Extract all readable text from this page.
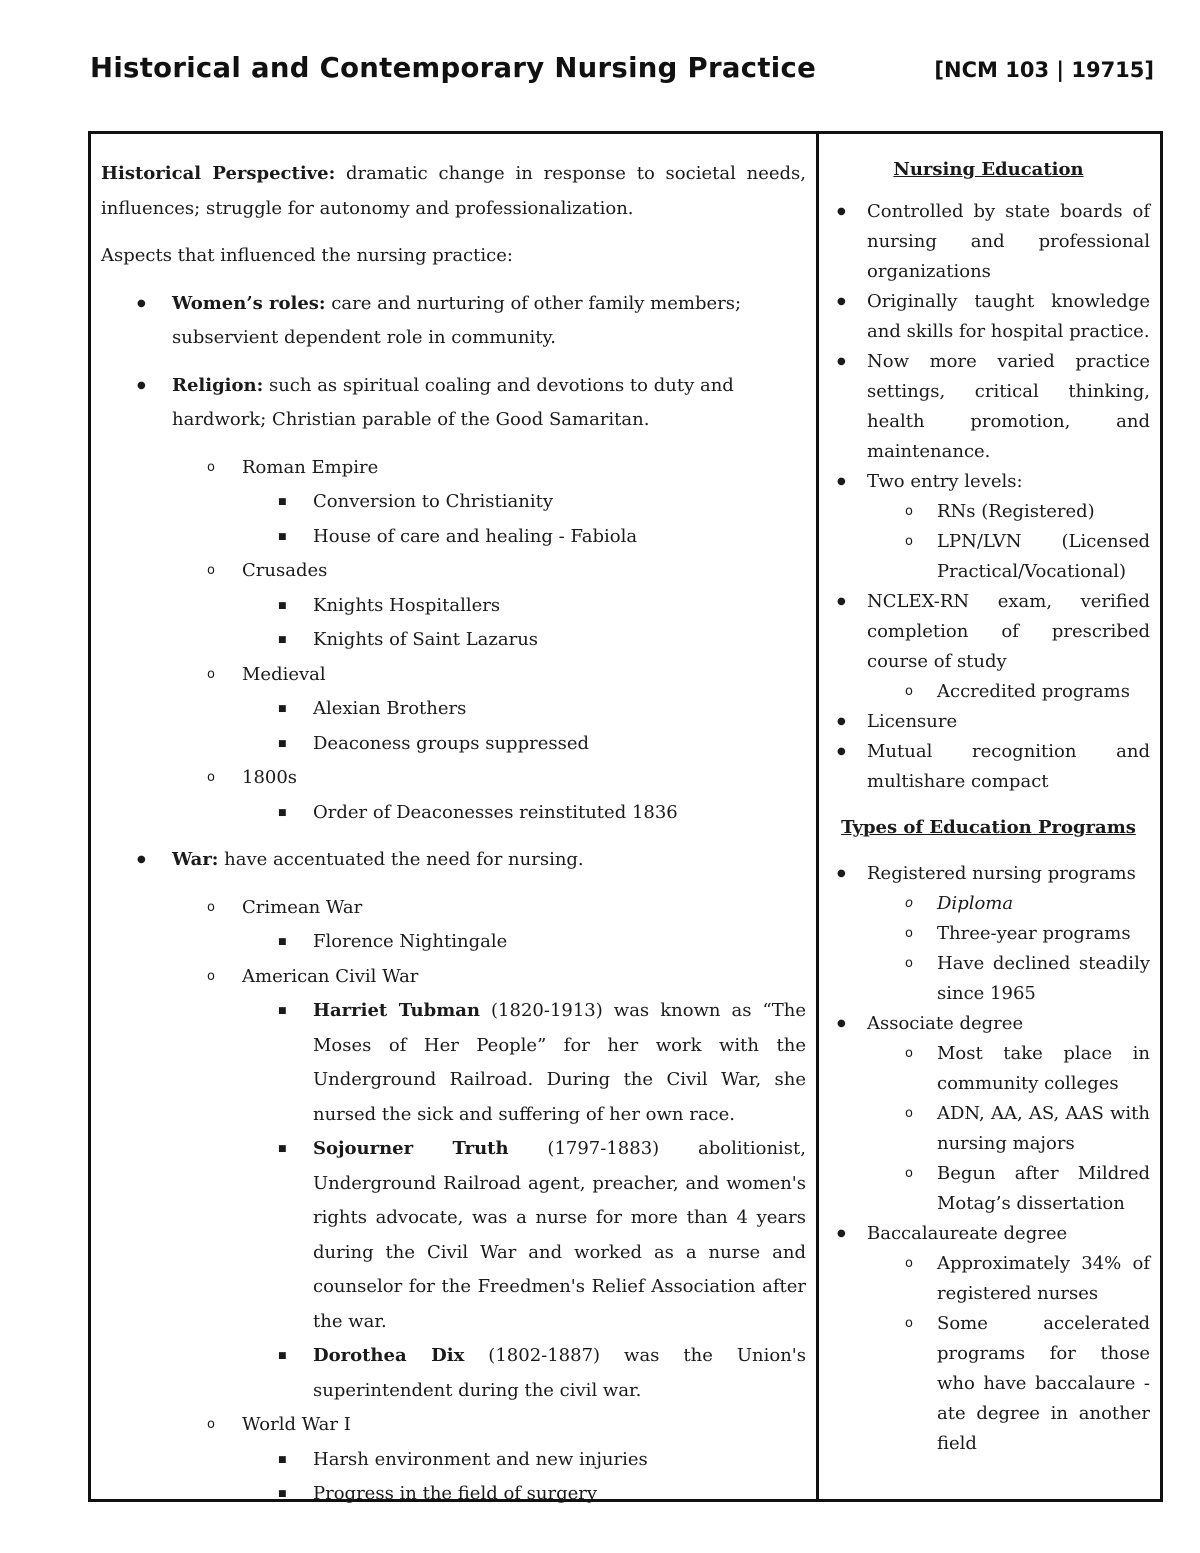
Historical and Contemporary Nursing Practice	[NCM 103 | 19715]

Historical Perspective: dramatic change in response to societal needs, influences; struggle for autonomy and professionalization.

Aspects that influenced the nursing practice:

● Women’s roles: care and nurturing of other family members; subservient dependent role in community.
● Religion: such as spiritual coaling and devotions to duty and hardwork; Christian parable of the Good Samaritan.
o Roman Empire
■ Conversion to Christianity
■ House of care and healing - Fabiola
o Crusades
■ Knights Hospitallers
■ Knights of Saint Lazarus
o Medieval
■ Alexian Brothers
■ Deaconess groups suppressed
o 1800s
■ Order of Deaconesses reinstituted 1836
● War: have accentuated the need for nursing.
o Crimean War
■ Florence Nightingale
o American Civil War
■ Harriet Tubman (1820-1913) was known as “The Moses of Her People” for her work with the Underground Railroad. During the Civil War, she nursed the sick and suffering of her own race.
■ Sojourner Truth (1797-1883) abolitionist, Underground Railroad agent, preacher, and women's rights advocate, was a nurse for more than 4 years during the Civil War and worked as a nurse and counselor for the Freedmen's Relief Association after the war.
■ Dorothea Dix (1802-1887) was the Union's superintendent during the civil war.
o World War I
■ Harsh environment and new injuries
■ Progress in the field of surgery

Nursing Education

● Controlled by state boards of nursing and professional organizations
● Originally taught knowledge and skills for hospital practice.
● Now more varied practice settings, critical thinking, health promotion, and maintenance.
● Two entry levels:
o RNs (Registered)
o LPN/LVN (Licensed Practical/Vocational)
● NCLEX-RN exam, verified completion of prescribed course of study
o Accredited programs
● Licensure
● Mutual recognition and multishare compact

Types of Education Programs

● Registered nursing programs
o Diploma
o Three-year programs
o Have declined steadily since 1965
● Associate degree
o Most take place in community colleges
o ADN, AA, AS, AAS with nursing majors
o Begun after Mildred Motag’s dissertation
● Baccalaureate degree
o Approximately 34% of registered nurses
o Some accelerated programs for those who have baccalaure -ate degree in another field
